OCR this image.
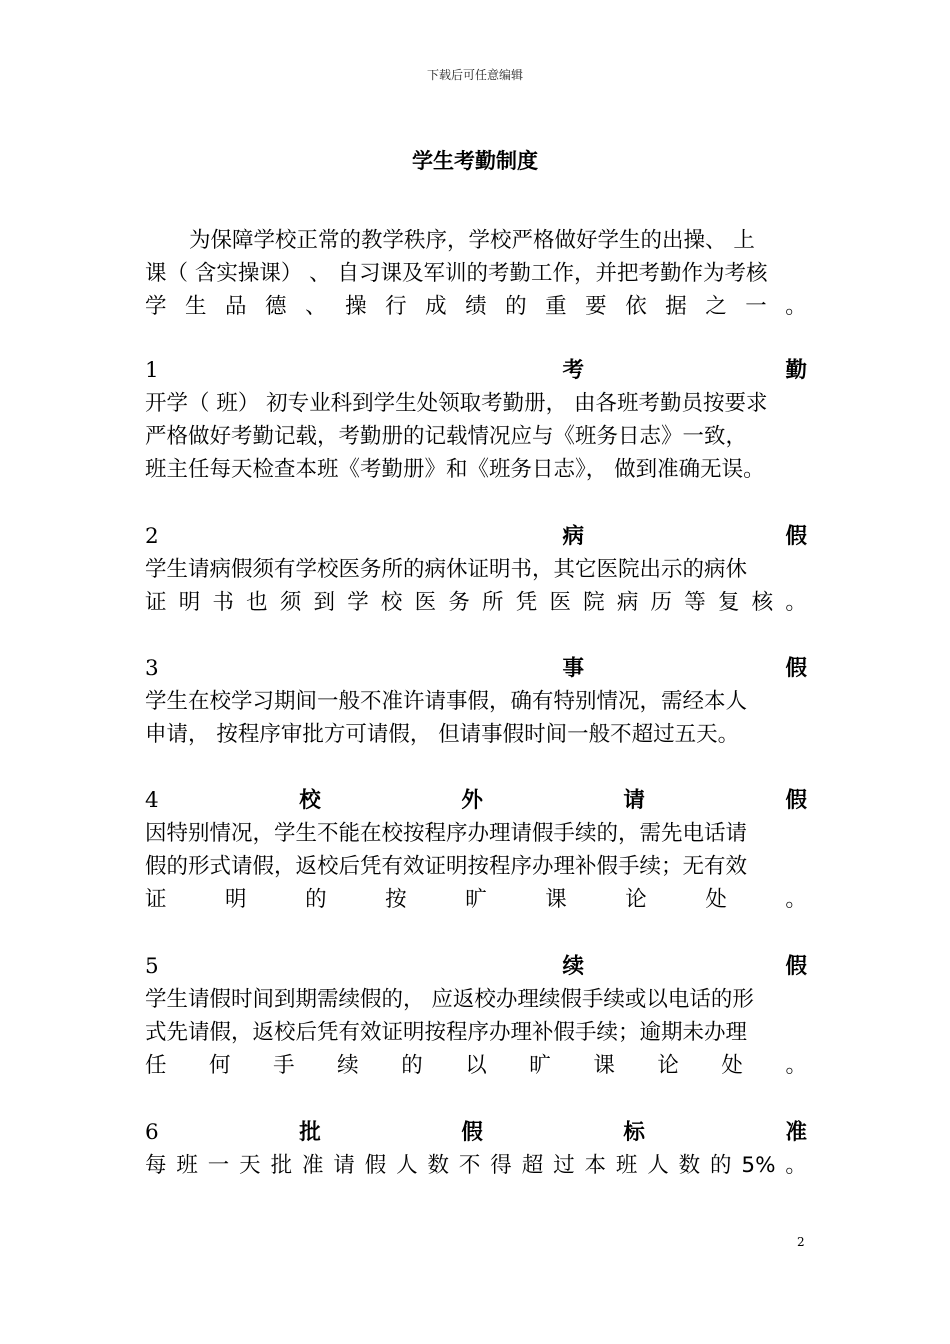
下载后可任意编辑
学生考勤制度
为保障学校正常的教学秩序，学校严格做好学生的出操、 上
课（ 含实操课） 、 自习课及军训的考勤工作，并把考勤作为考核
学 生 品 德 、 操 行 成 绩 的 重 要 依 据 之 一 。
1	考	勤
开学（ 班） 初专业科到学生处领取考勤册， 由各班考勤员按要求
严格做好考勤记载，考勤册的记载情况应与《班务日志》一致，
班主任每天检查本班《考勤册》和《班务日志》， 做到准确无误。
2	病	假
学生请病假须有学校医务所的病休证明书，其它医院出示的病休
证 明 书 也 须 到 学 校 医 务 所 凭 医 院 病 历 等 复 核 。
3	事	假
学生在校学习期间一般不准许请事假，确有特别情况，需经本人
申请， 按程序审批方可请假， 但请事假时间一般不超过五天。
4	校	外	请	假
因特别情况，学生不能在校按程序办理请假手续的，需先电话请
假的形式请假，返校后凭有效证明按程序办理补假手续；无有效
证	明	的	按	旷	课	论	处	。
5	续	假
学生请假时间到期需续假的， 应返校办理续假手续或以电话的形
式先请假，返校后凭有效证明按程序办理补假手续；逾期未办理
任 何 手 续 的 以 旷 课 论 处 。
6	批	假	标	准
每 班 一 天 批 准 请 假 人 数 不 得 超 过 本 班 人 数 的 5% 。
2
